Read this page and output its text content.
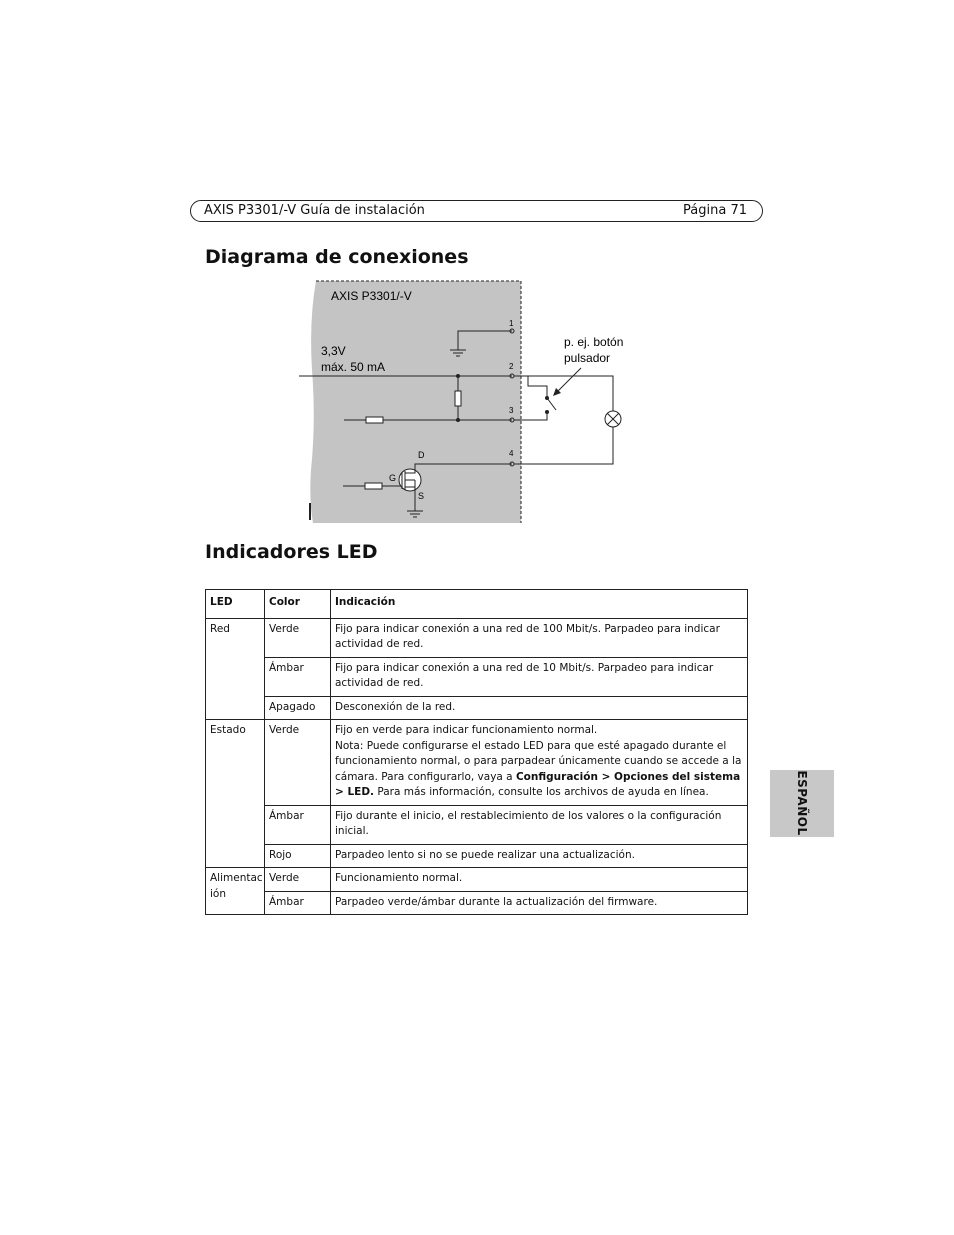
AXIS P3301/-V Guía de instalación	Página 71
Diagrama de conexiones
AXIS P3301/-V
3,3V
máx. 50 mA
1
2
3
4
p. ej. botón
pulsador
D
G
S
Indicadores LED
LED	Color	Indicación
Red	Verde	Fijo para indicar conexión a una red de 100 Mbit/s. Parpadeo para indicar actividad de red.
	Ámbar	Fijo para indicar conexión a una red de 10 Mbit/s. Parpadeo para indicar actividad de red.
	Apagado	Desconexión de la red.
Estado	Verde	Fijo en verde para indicar funcionamiento normal.
Nota: Puede configurarse el estado LED para que esté apagado durante el funcionamiento normal, o para parpadear únicamente cuando se accede a la cámara. Para configurarlo, vaya a Configuración > Opciones del sistema > LED. Para más información, consulte los archivos de ayuda en línea.
	Ámbar	Fijo durante el inicio, el restablecimiento de los valores o la configuración inicial.
	Rojo	Parpadeo lento si no se puede realizar una actualización.
Alimentac ión	Verde	Funcionamiento normal.
	Ámbar	Parpadeo verde/ámbar durante la actualización del firmware.
ESPAÑOL
